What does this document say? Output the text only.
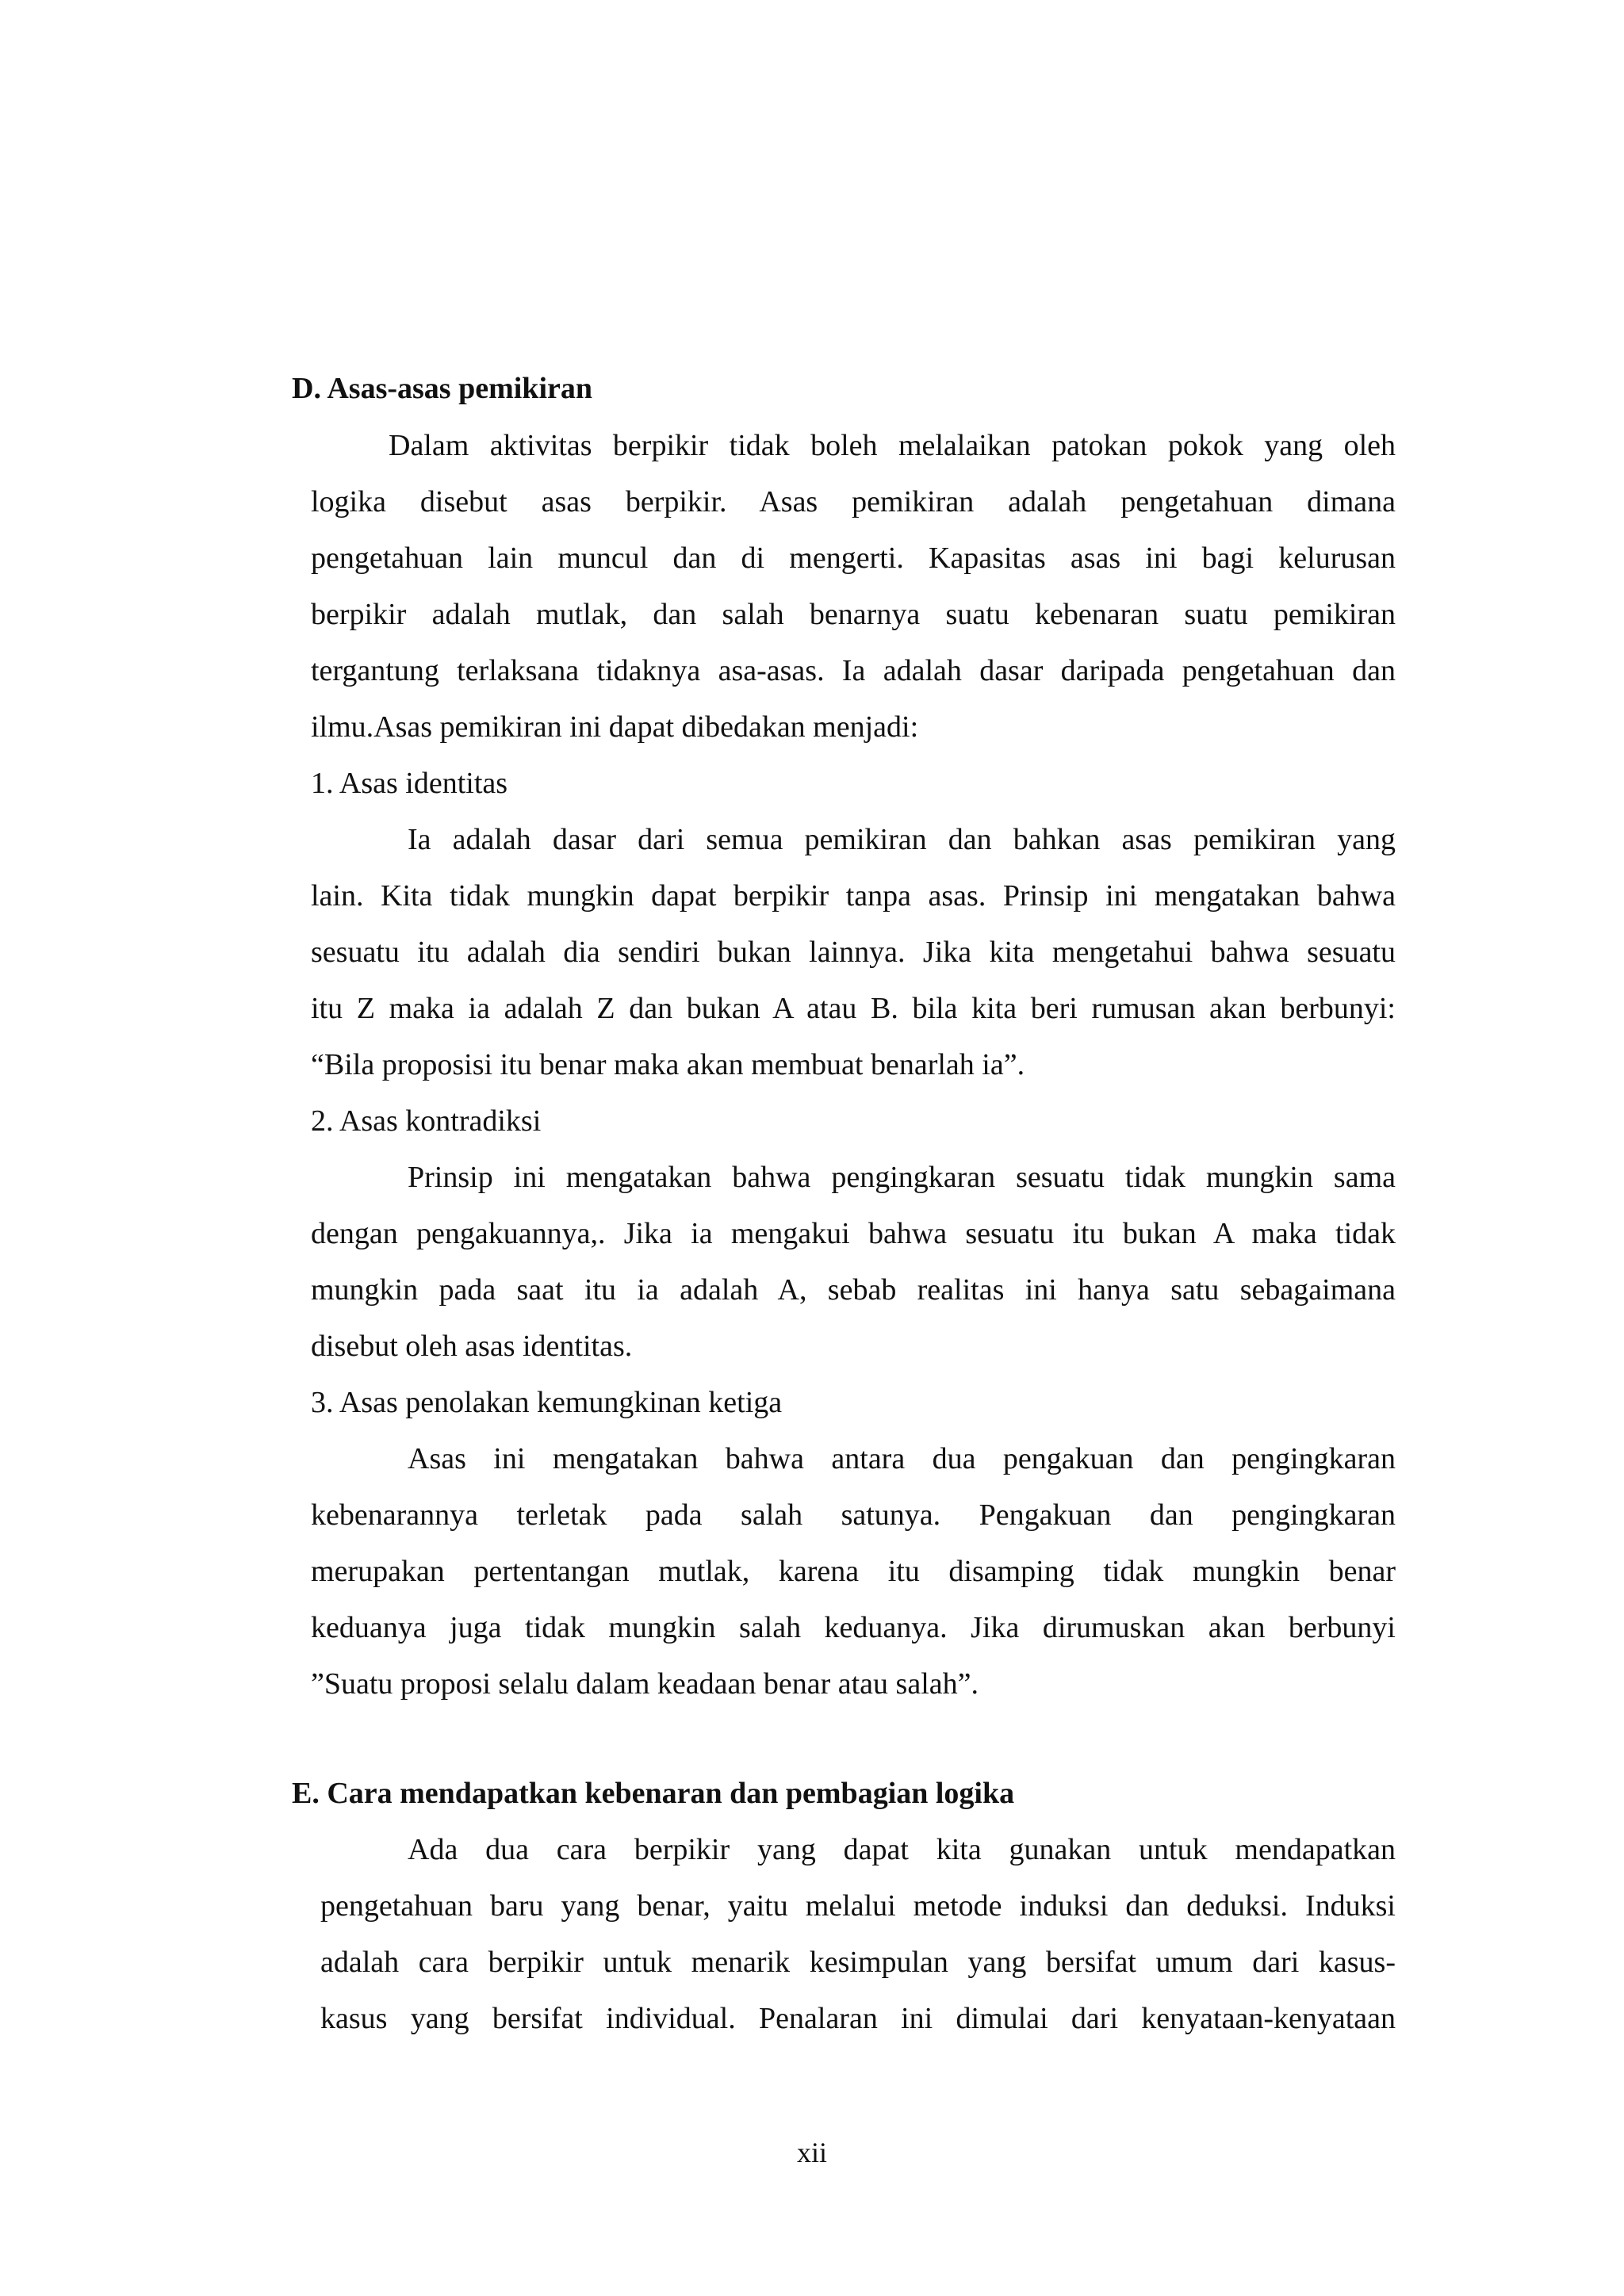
D. Asas-asas pemikiran

Dalam aktivitas berpikir tidak boleh melalaikan patokan pokok yang oleh

logika disebut asas berpikir. Asas pemikiran adalah pengetahuan dimana

pengetahuan lain muncul dan di mengerti. Kapasitas asas ini bagi kelurusan

berpikir adalah mutlak, dan salah benarnya suatu kebenaran suatu pemikiran

tergantung terlaksana tidaknya asa-asas. Ia adalah dasar daripada pengetahuan dan

ilmu.Asas pemikiran ini dapat dibedakan menjadi:

1. Asas identitas

Ia adalah dasar dari semua pemikiran dan bahkan asas pemikiran yang

lain. Kita tidak mungkin dapat berpikir tanpa asas. Prinsip ini mengatakan bahwa

sesuatu itu adalah dia sendiri bukan lainnya. Jika kita mengetahui bahwa sesuatu

itu Z maka ia adalah Z dan bukan A atau B. bila kita beri rumusan akan berbunyi:

“Bila proposisi itu benar maka akan membuat benarlah ia”.

2. Asas kontradiksi

Prinsip ini mengatakan bahwa pengingkaran sesuatu tidak mungkin sama

dengan pengakuannya,. Jika ia mengakui bahwa sesuatu itu bukan A maka tidak

mungkin pada saat itu ia adalah A, sebab realitas ini hanya satu sebagaimana

disebut oleh asas identitas.

3. Asas penolakan kemungkinan ketiga

Asas ini mengatakan bahwa antara dua pengakuan dan pengingkaran

kebenarannya terletak pada salah satunya. Pengakuan dan pengingkaran

merupakan pertentangan mutlak, karena itu disamping tidak mungkin benar

keduanya juga tidak mungkin salah keduanya. Jika dirumuskan akan berbunyi

”Suatu proposi selalu dalam keadaan benar atau salah”.

E. Cara mendapatkan kebenaran dan pembagian logika

Ada dua cara berpikir yang dapat kita gunakan untuk mendapatkan

pengetahuan baru yang benar, yaitu melalui metode induksi dan deduksi. Induksi

adalah cara berpikir untuk menarik kesimpulan yang bersifat umum dari kasus-

kasus yang bersifat individual. Penalaran ini dimulai dari kenyataan-kenyataan

xii
